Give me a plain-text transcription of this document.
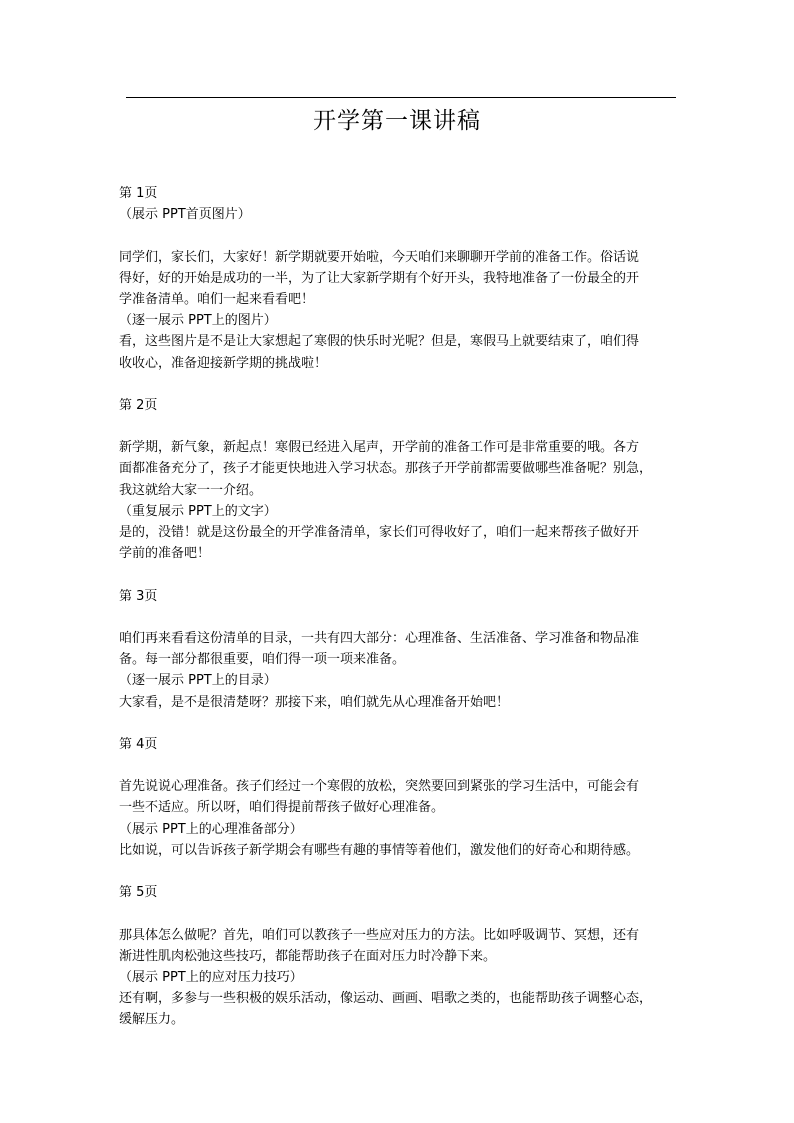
开学第一课讲稿
第 1页
（展示 PPT首页图片）
同学们，家长们，大家好！新学期就要开始啦，今天咱们来聊聊开学前的准备工作。俗话说
得好，好的开始是成功的一半，为了让大家新学期有个好开头，我特地准备了一份最全的开
学准备清单。咱们一起来看看吧！
（逐一展示 PPT上的图片）
看，这些图片是不是让大家想起了寒假的快乐时光呢？但是，寒假马上就要结束了，咱们得
收收心，准备迎接新学期的挑战啦！
第 2页
新学期，新气象，新起点！寒假已经进入尾声，开学前的准备工作可是非常重要的哦。各方
面都准备充分了，孩子才能更快地进入学习状态。那孩子开学前都需要做哪些准备呢？别急，
我这就给大家一一介绍。
（重复展示 PPT上的文字）
是的，没错！就是这份最全的开学准备清单，家长们可得收好了，咱们一起来帮孩子做好开
学前的准备吧！
第 3页
咱们再来看看这份清单的目录，一共有四大部分：心理准备、生活准备、学习准备和物品准
备。每一部分都很重要，咱们得一项一项来准备。
（逐一展示 PPT上的目录）
大家看，是不是很清楚呀？那接下来，咱们就先从心理准备开始吧！
第 4页
首先说说心理准备。孩子们经过一个寒假的放松，突然要回到紧张的学习生活中，可能会有
一些不适应。所以呀，咱们得提前帮孩子做好心理准备。
（展示 PPT上的心理准备部分）
比如说，可以告诉孩子新学期会有哪些有趣的事情等着他们，激发他们的好奇心和期待感。
第 5页
那具体怎么做呢？首先，咱们可以教孩子一些应对压力的方法。比如呼吸调节、冥想，还有
渐进性肌肉松弛这些技巧，都能帮助孩子在面对压力时冷静下来。
（展示 PPT上的应对压力技巧）
还有啊，多参与一些积极的娱乐活动，像运动、画画、唱歌之类的，也能帮助孩子调整心态，
缓解压力。
